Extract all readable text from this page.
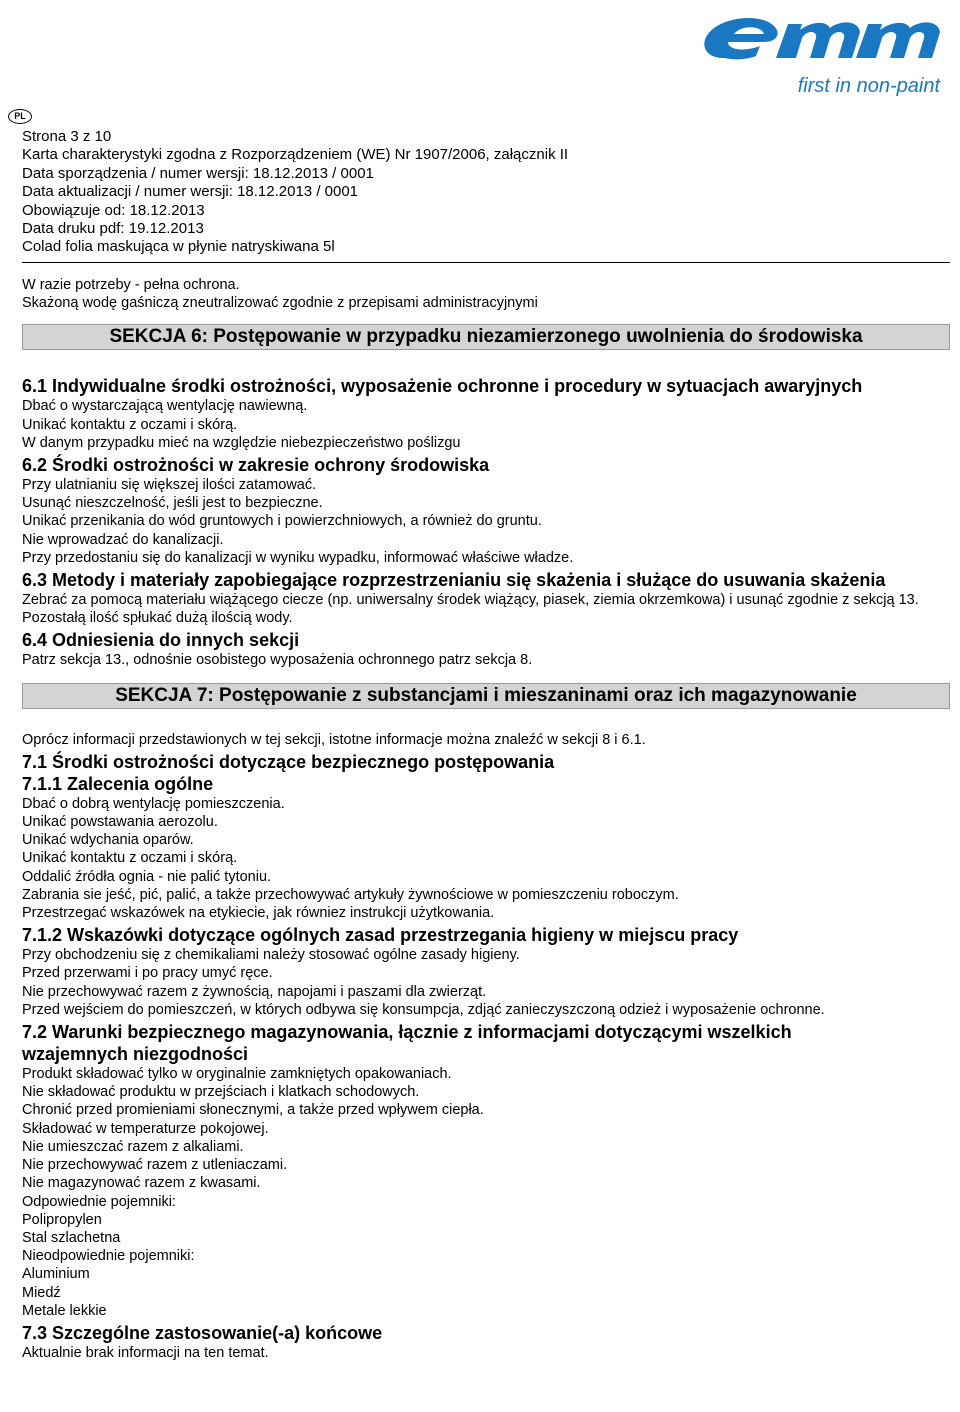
first in non-paint
PL
Strona 3 z 10
Karta charakterystyki zgodna z Rozporządzeniem (WE) Nr 1907/2006, załącznik II
Data sporządzenia / numer wersji: 18.12.2013 / 0001
Data aktualizacji / numer wersji: 18.12.2013 / 0001
Obowiązuje od: 18.12.2013
Data druku pdf: 19.12.2013
Colad folia maskująca w płynie natryskiwana 5l
W razie potrzeby - pełna ochrona.
Skażoną wodę gaśniczą zneutralizować zgodnie z przepisami administracyjnymi
SEKCJA 6: Postępowanie w przypadku niezamierzonego uwolnienia do środowiska
6.1 Indywidualne środki ostrożności, wyposażenie ochronne i procedury w sytuacjach awaryjnych
Dbać o wystarczającą wentylację nawiewną.
Unikać kontaktu z oczami i skórą.
W danym przypadku mieć na względzie niebezpieczeństwo poślizgu
6.2 Środki ostrożności w zakresie ochrony środowiska
Przy ulatnianiu się większej ilości zatamować.
Usunąć nieszczelność, jeśli jest to bezpieczne.
Unikać przenikania do wód gruntowych i powierzchniowych, a również do gruntu.
Nie wprowadzać do kanalizacji.
Przy przedostaniu się do kanalizacji w wyniku wypadku, informować właściwe władze.
6.3 Metody i materiały zapobiegające rozprzestrzenianiu się skażenia i służące do usuwania skażenia
Zebrać za pomocą materiału wiążącego ciecze (np. uniwersalny środek wiążący, piasek, ziemia okrzemkowa) i usunąć zgodnie z sekcją 13.
Pozostałą ilość spłukać dużą ilością wody.
6.4 Odniesienia do innych sekcji
Patrz sekcja 13., odnośnie osobistego wyposażenia ochronnego patrz sekcja 8.
SEKCJA 7: Postępowanie z substancjami i mieszaninami oraz ich magazynowanie
Oprócz informacji przedstawionych w tej sekcji, istotne informacje można znaleźć w sekcji 8 i 6.1.
7.1 Środki ostrożności dotyczące bezpiecznego postępowania
7.1.1 Zalecenia ogólne
Dbać o dobrą wentylację pomieszczenia.
Unikać powstawania aerozolu.
Unikać wdychania oparów.
Unikać kontaktu z oczami i skórą.
Oddalić źródła ognia - nie palić tytoniu.
Zabrania sie jeść, pić, palić, a także przechowywać artykuły żywnościowe w pomieszczeniu roboczym.
Przestrzegać wskazówek na etykiecie, jak równiez instrukcji użytkowania.
7.1.2 Wskazówki dotyczące ogólnych zasad przestrzegania higieny w miejscu pracy
Przy obchodzeniu się z chemikaliami należy stosować ogólne zasady higieny.
Przed przerwami i po pracy umyć ręce.
Nie przechowywać razem z żywnością, napojami i paszami dla zwierząt.
Przed wejściem do pomieszczeń, w których odbywa się konsumpcja, zdjąć zanieczyszczoną odzież i wyposażenie ochronne.
7.2 Warunki bezpiecznego magazynowania, łącznie z informacjami dotyczącymi wszelkich wzajemnych niezgodności
Produkt składować tylko w oryginalnie zamkniętych opakowaniach.
Nie składować produktu w przejściach i klatkach schodowych.
Chronić przed promieniami słonecznymi, a także przed wpływem ciepła.
Składować w temperaturze pokojowej.
Nie umieszczać razem z alkaliami.
Nie przechowywać razem z utleniaczami.
Nie magazynować razem z kwasami.
Odpowiednie pojemniki:
Polipropylen
Stal szlachetna
Nieodpowiednie pojemniki:
Aluminium
Miedź
Metale lekkie
7.3 Szczególne zastosowanie(-a) końcowe
Aktualnie brak informacji na ten temat.
